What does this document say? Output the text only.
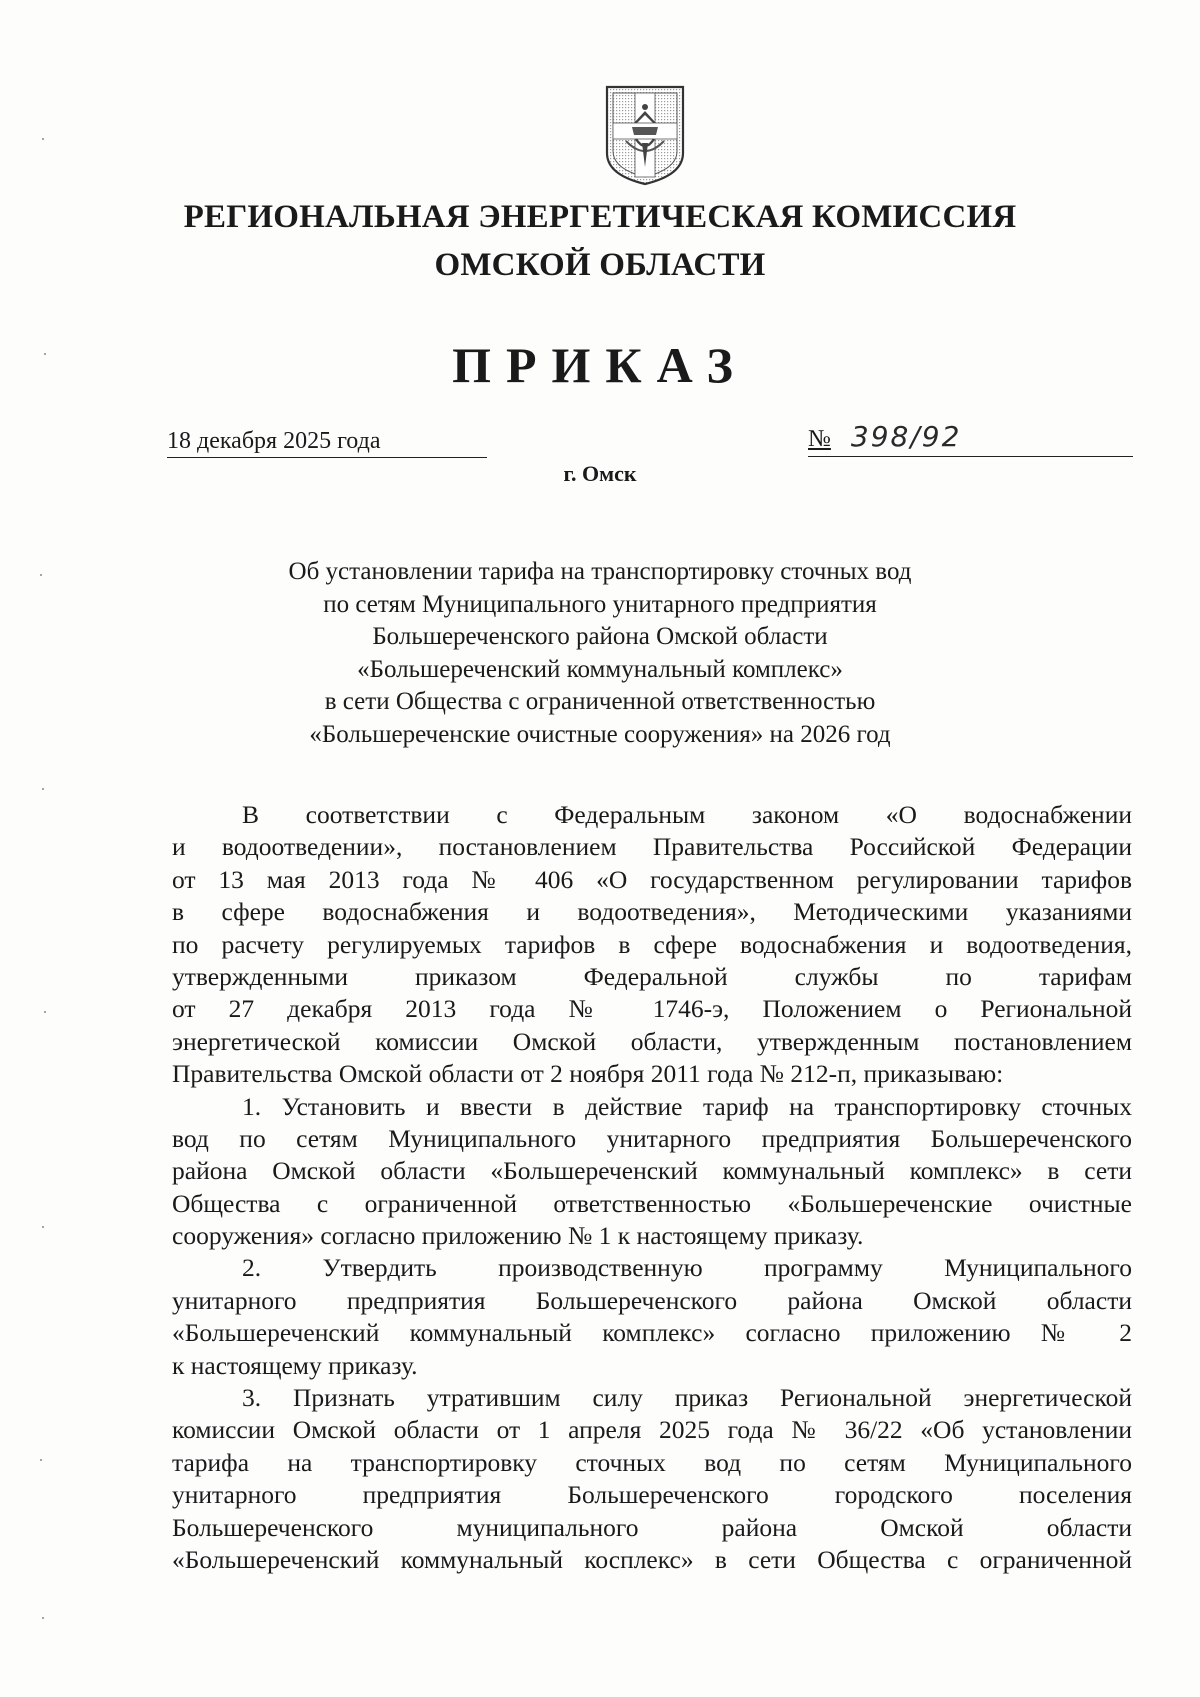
РЕГИОНАЛЬНАЯ ЭНЕРГЕТИЧЕСКАЯ КОМИССИЯ
ОМСКОЙ ОБЛАСТИ
ПРИКАЗ
18 декабря 2025 года	№ 398/92
г. Омск
Об установлении тарифа на транспортировку сточных вод
по сетям Муниципального унитарного предприятия
Большереченского района Омской области
«Большереченский коммунальный комплекс»
в сети Общества с ограниченной ответственностью
«Большереченские очистные сооружения» на 2026 год
В соответствии с Федеральным законом «О водоснабжении
и водоотведении», постановлением Правительства Российской Федерации
от 13 мая 2013 года № 406 «О государственном регулировании тарифов
в сфере водоснабжения и водоотведения», Методическими указаниями
по расчету регулируемых тарифов в сфере водоснабжения и водоотведения,
утвержденными приказом Федеральной службы по тарифам
от 27 декабря 2013 года № 1746-э, Положением о Региональной
энергетической комиссии Омской области, утвержденным постановлением
Правительства Омской области от 2 ноября 2011 года № 212-п, приказываю:
1. Установить и ввести в действие тариф на транспортировку сточных
вод по сетям Муниципального унитарного предприятия Большереченского
района Омской области «Большереченский коммунальный комплекс» в сети
Общества с ограниченной ответственностью «Большереченские очистные
сооружения» согласно приложению № 1 к настоящему приказу.
2. Утвердить производственную программу Муниципального
унитарного предприятия Большереченского района Омской области
«Большереченский коммунальный комплекс» согласно приложению № 2
к настоящему приказу.
3. Признать утратившим силу приказ Региональной энергетической
комиссии Омской области от 1 апреля 2025 года № 36/22 «Об установлении
тарифа на транспортировку сточных вод по сетям Муниципального
унитарного предприятия Большереченского городского поселения
Большереченского муниципального района Омской области
«Большереченский коммунальный косплекс» в сети Общества с ограниченной
